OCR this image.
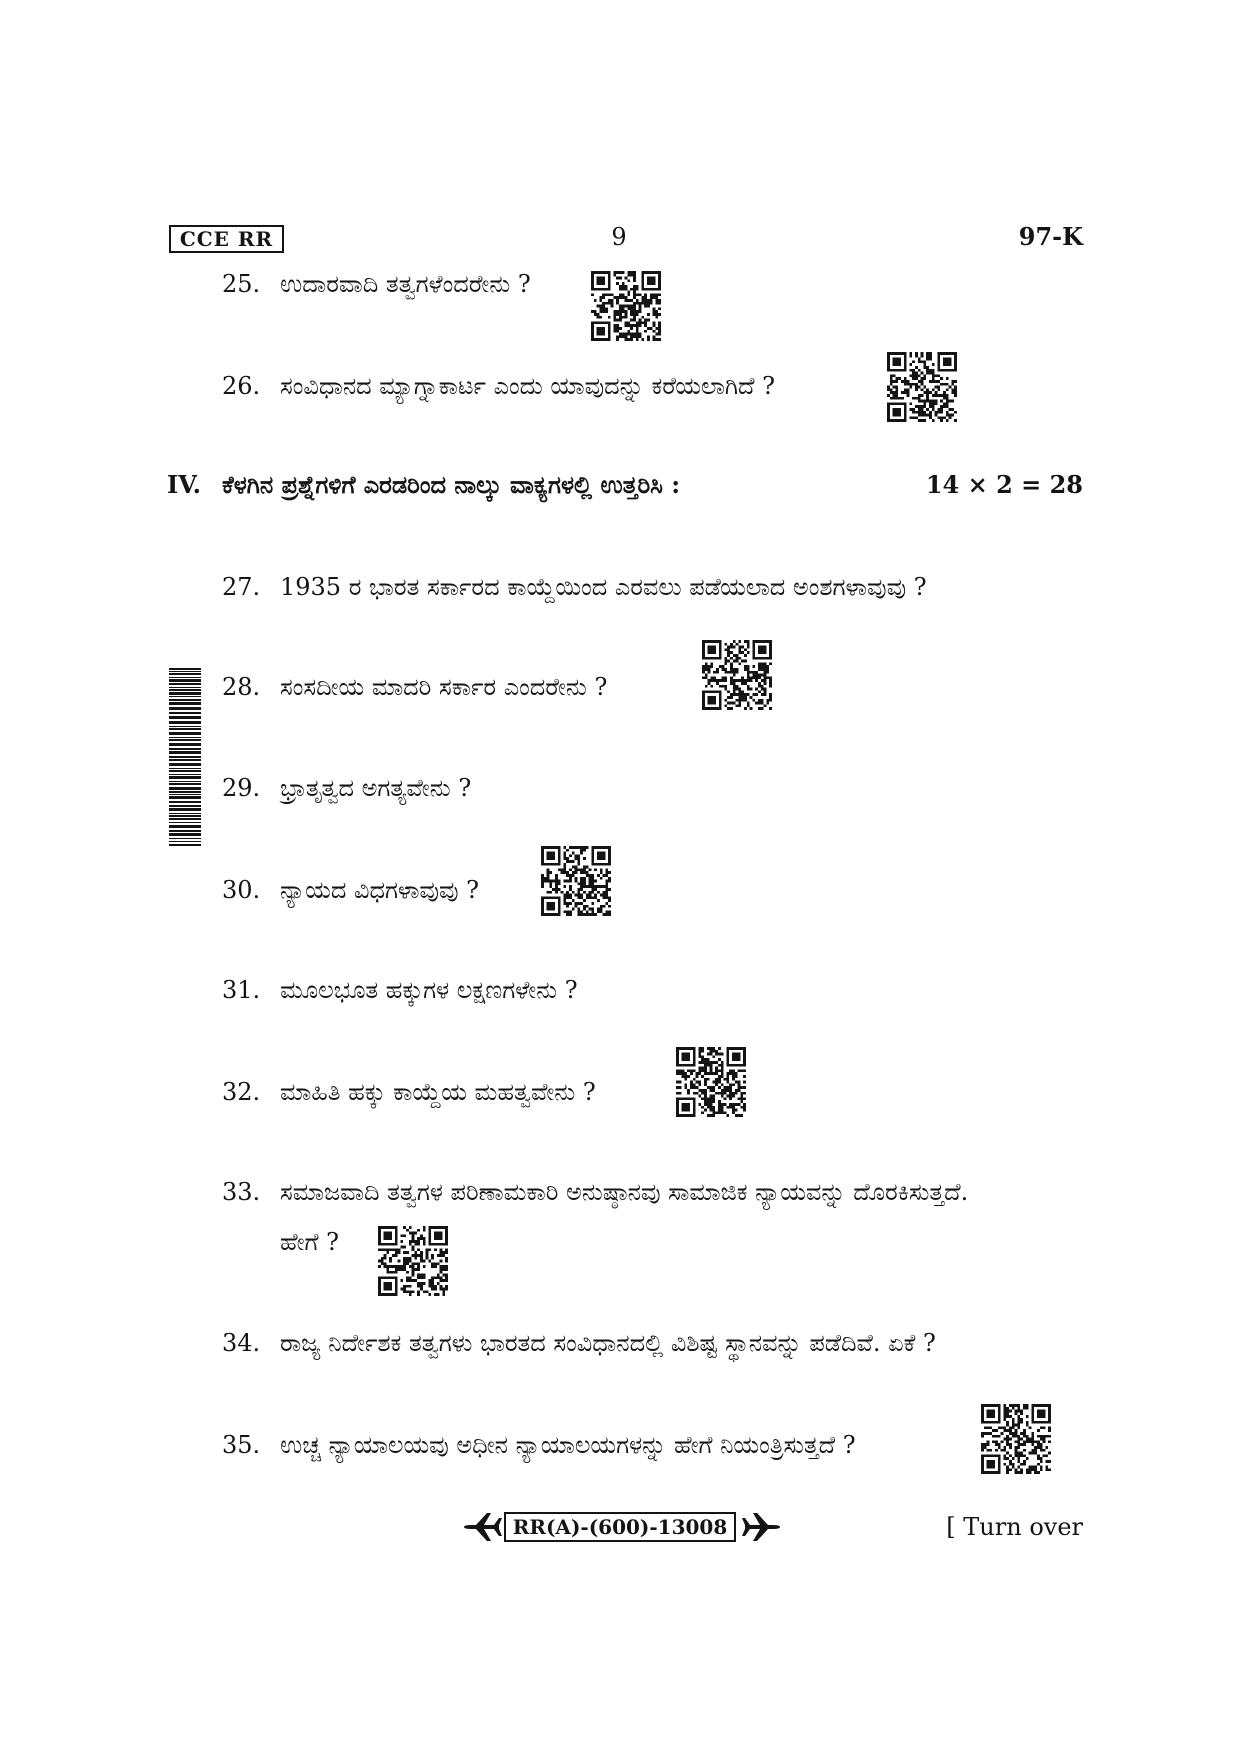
CCE RR	9	97-K
25. ಉದಾರವಾದಿ ತತ್ವಗಳೆಂದರೇನು ?
26. ಸಂವಿಧಾನದ ಮ್ಯಾಗ್ನಾಕಾರ್ಟ ಎಂದು ಯಾವುದನ್ನು ಕರೆಯಲಾಗಿದೆ ?
IV. ಕೆಳಗಿನ ಪ್ರಶ್ನೆಗಳಿಗೆ ಎರಡರಿಂದ ನಾಲ್ಕು ವಾಕ್ಯಗಳಲ್ಲಿ ಉತ್ತರಿಸಿ :	14 × 2 = 28
27. 1935 ರ ಭಾರತ ಸರ್ಕಾರದ ಕಾಯ್ದೆಯಿಂದ ಎರವಲು ಪಡೆಯಲಾದ ಅಂಶಗಳಾವುವು ?
28. ಸಂಸದೀಯ ಮಾದರಿ ಸರ್ಕಾರ ಎಂದರೇನು ?
29. ಭ್ರಾತೃತ್ವದ ಅಗತ್ಯವೇನು ?
30. ನ್ಯಾಯದ ವಿಧಗಳಾವುವು ?
31. ಮೂಲಭೂತ ಹಕ್ಕುಗಳ ಲಕ್ಷಣಗಳೇನು ?
32. ಮಾಹಿತಿ ಹಕ್ಕು ಕಾಯ್ದೆಯ ಮಹತ್ವವೇನು ?
33. ಸಮಾಜವಾದಿ ತತ್ವಗಳ ಪರಿಣಾಮಕಾರಿ ಅನುಷ್ಠಾನವು ಸಾಮಾಜಿಕ ನ್ಯಾಯವನ್ನು ದೊರಕಿಸುತ್ತದೆ.
ಹೇಗೆ ?
34. ರಾಜ್ಯ ನಿರ್ದೇಶಕ ತತ್ವಗಳು ಭಾರತದ ಸಂವಿಧಾನದಲ್ಲಿ ವಿಶಿಷ್ಟ ಸ್ಥಾನವನ್ನು ಪಡೆದಿವೆ. ಏಕೆ ?
35. ಉಚ್ಚ ನ್ಯಾಯಾಲಯವು ಅಧೀನ ನ್ಯಾಯಾಲಯಗಳನ್ನು ಹೇಗೆ ನಿಯಂತ್ರಿಸುತ್ತದೆ ?
RR(A)-(600)-13008	[ Turn over
